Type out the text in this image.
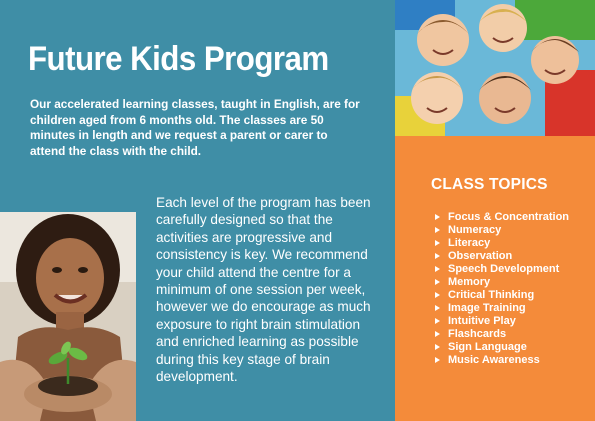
Future Kids Program
Our accelerated learning classes, taught in English, are for children aged from 6 months old. The classes are 50 minutes in length and we request a parent or carer to attend the class with the child.
Each level of the program has been carefully designed so that the activities are progressive and consistency is key. We recommend your child attend the centre for a minimum of one session per week, however we do encourage as much exposure to right brain stimulation and enriched learning as possible during this key stage of brain development.
CLASS TOPICS
Focus & Concentration
Numeracy
Literacy
Observation
Speech Development
Memory
Critical Thinking
Image Training
Intuitive Play
Flashcards
Sign Language
Music Awareness
